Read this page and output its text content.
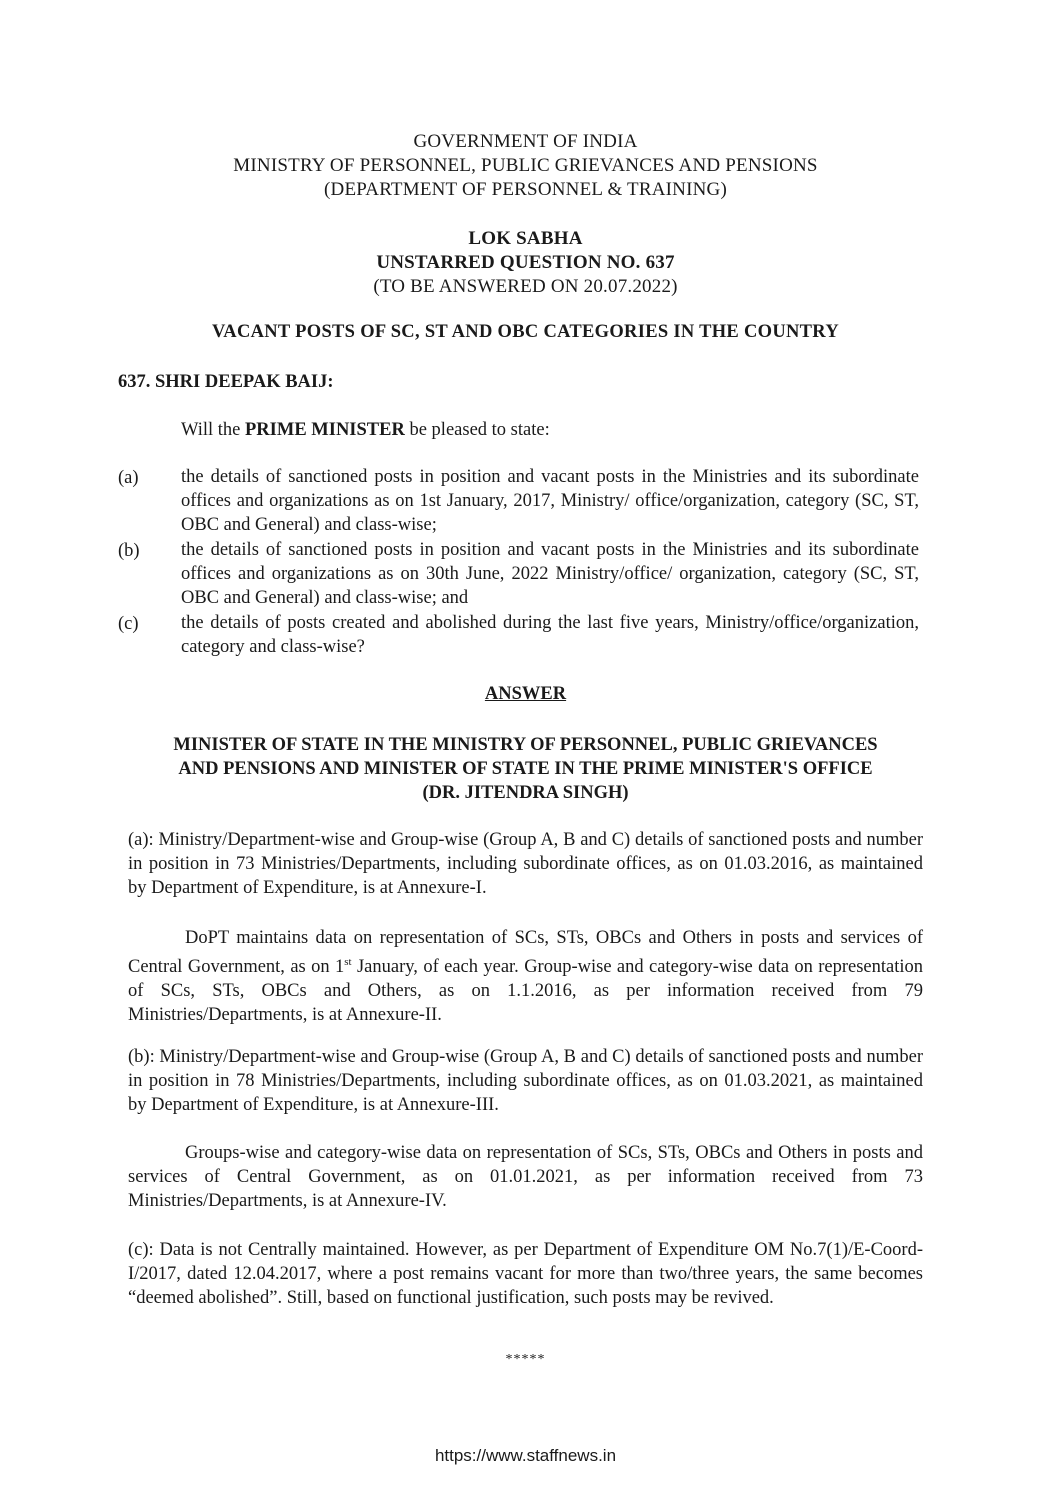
GOVERNMENT OF INDIA
MINISTRY OF PERSONNEL, PUBLIC GRIEVANCES AND PENSIONS
(DEPARTMENT OF PERSONNEL & TRAINING)
LOK SABHA
UNSTARRED QUESTION NO. 637
(TO BE ANSWERED ON 20.07.2022)
VACANT POSTS OF SC, ST AND OBC CATEGORIES IN THE COUNTRY
637. SHRI DEEPAK BAIJ:
Will the PRIME MINISTER be pleased to state:
(a) the details of sanctioned posts in position and vacant posts in the Ministries and its subordinate offices and organizations as on 1st January, 2017, Ministry/ office/organization, category (SC, ST, OBC and General) and class-wise;
(b) the details of sanctioned posts in position and vacant posts in the Ministries and its subordinate offices and organizations as on 30th June, 2022 Ministry/office/ organization, category (SC, ST, OBC and General) and class-wise; and
(c) the details of posts created and abolished during the last five years, Ministry/office/organization, category and class-wise?
ANSWER
MINISTER OF STATE IN THE MINISTRY OF PERSONNEL, PUBLIC GRIEVANCES
AND PENSIONS AND MINISTER OF STATE IN THE PRIME MINISTER'S OFFICE
(DR. JITENDRA SINGH)
(a): Ministry/Department-wise and Group-wise (Group A, B and C) details of sanctioned posts and number in position in 73 Ministries/Departments, including subordinate offices, as on 01.03.2016, as maintained by Department of Expenditure, is at Annexure-I.
DoPT maintains data on representation of SCs, STs, OBCs and Others in posts and services of Central Government, as on 1st January, of each year. Group-wise and category-wise data on representation of SCs, STs, OBCs and Others, as on 1.1.2016, as per information received from 79 Ministries/Departments, is at Annexure-II.
(b): Ministry/Department-wise and Group-wise (Group A, B and C) details of sanctioned posts and number in position in 78 Ministries/Departments, including subordinate offices, as on 01.03.2021, as maintained by Department of Expenditure, is at Annexure-III.
Groups-wise and category-wise data on representation of SCs, STs, OBCs and Others in posts and services of Central Government, as on 01.01.2021, as per information received from 73 Ministries/Departments, is at Annexure-IV.
(c): Data is not Centrally maintained. However, as per Department of Expenditure OM No.7(1)/E-Coord-I/2017, dated 12.04.2017, where a post remains vacant for more than two/three years, the same becomes “deemed abolished”. Still, based on functional justification, such posts may be revived.
*****
https://www.staffnews.in
